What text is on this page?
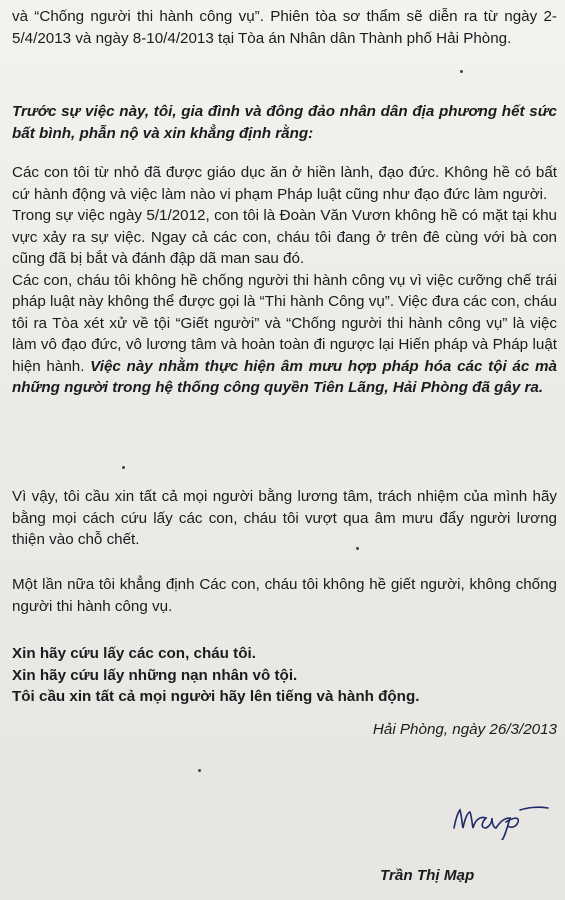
và “Chống người thi hành công vụ”. Phiên tòa sơ thẩm sẽ diễn ra từ ngày 2-5/4/2013 và ngày 8-10/4/2013 tại Tòa án Nhân dân Thành phố Hải Phòng.

Trước sự việc này, tôi, gia đình và đông đảo nhân dân địa phương hết sức bất bình, phẫn nộ và xin khẳng định rằng:

Các con tôi từ nhỏ đã được giáo dục ăn ở hiền lành, đạo đức. Không hề có bất cứ hành động và việc làm nào vi phạm Pháp luật cũng như đạo đức làm người.
Trong sự việc ngày 5/1/2012, con tôi là Đoàn Văn Vươn không hề có mặt tại khu vực xảy ra sự việc. Ngay cả các con, cháu tôi đang ở trên đê cùng với bà con cũng đã bị bắt và đánh đập dã man sau đó.
Các con, cháu tôi không hề chống người thi hành công vụ vì việc cưỡng chế trái pháp luật này không thể được gọi là “Thi hành Công vụ”. Việc đưa các con, cháu tôi ra Tòa xét xử về tội “Giết người” và “Chống người thi hành công vụ” là việc làm vô đạo đức, vô lương tâm và hoàn toàn đi ngược lại Hiến pháp và Pháp luật hiện hành. Việc này nhằm thực hiện âm mưu hợp pháp hóa các tội ác mà những người trong hệ thống công quyền Tiên Lãng, Hải Phòng đã gây ra.

Vì vậy, tôi cầu xin tất cả mọi người bằng lương tâm, trách nhiệm của mình hãy bằng mọi cách cứu lấy các con, cháu tôi vượt qua âm mưu đẩy người lương thiện vào chỗ chết.

Một lần nữa tôi khẳng định Các con, cháu tôi không hề giết người, không chống người thi hành công vụ.

Xin hãy cứu lấy các con, cháu tôi.
Xin hãy cứu lấy những nạn nhân vô tội.
Tôi cầu xin tất cả mọi người hãy lên tiếng và hành động.
Hải Phòng, ngày 26/3/2013
Trần Thị Mạp
